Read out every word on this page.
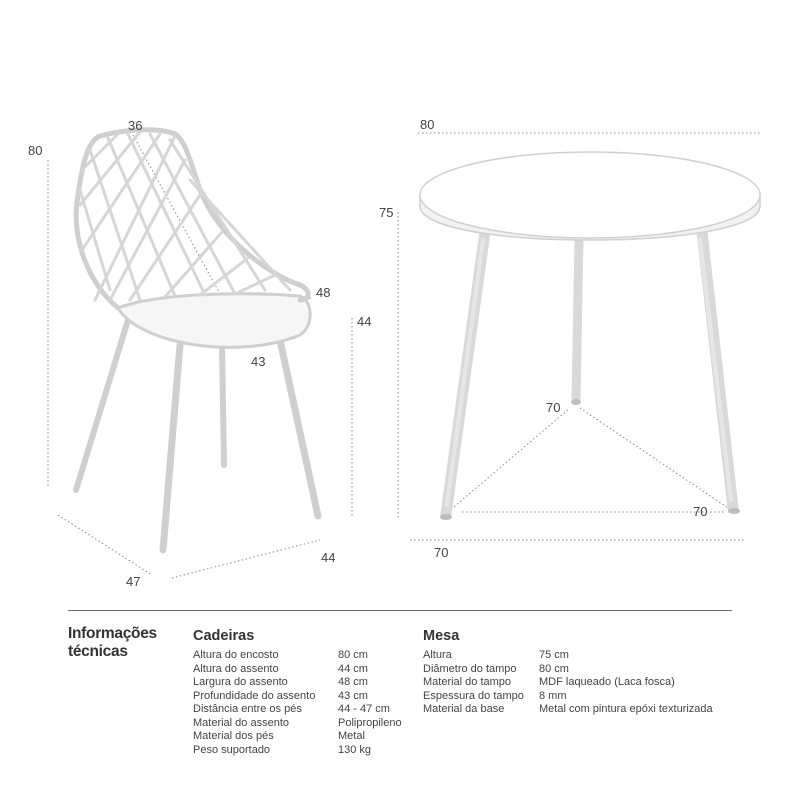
80
36
48
43
44
47
44
80
75
70
70
70
Informações
técnicas
Cadeiras
Altura do encosto	80 cm
Altura do assento	44 cm
Largura do assento	48 cm
Profundidade do assento	43 cm
Distância entre os pés	44 - 47 cm
Material do assento	Polipropileno
Material dos pés	Metal
Peso suportado	130 kg
Mesa
Altura	75 cm
Diâmetro do tampo	80 cm
Material do tampo	MDF laqueado (Laca fosca)
Espessura do tampo	8 mm
Material da base	Metal com pintura epóxi texturizada
